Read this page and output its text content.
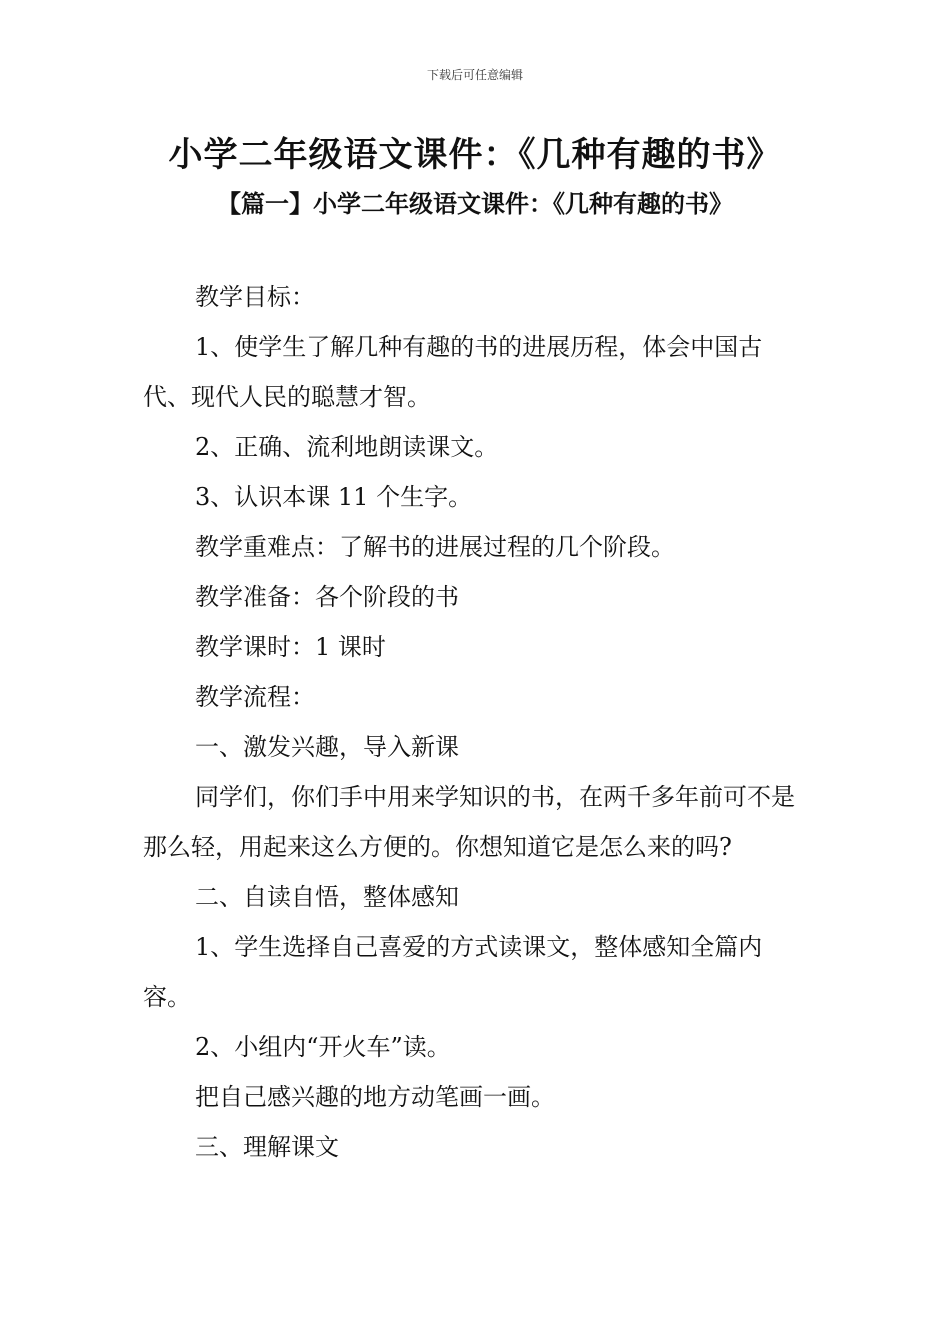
下载后可任意编辑
小学二年级语文课件：《几种有趣的书》
【篇一】小学二年级语文课件：《几种有趣的书》

教学目标：

1、使学生了解几种有趣的书的进展历程，体会中国古代、现代人民的聪慧才智。

2、正确、流利地朗读课文。

3、认识本课 11 个生字。

教学重难点：了解书的进展过程的几个阶段。

教学准备：各个阶段的书

教学课时：1 课时

教学流程：

一、激发兴趣，导入新课

同学们，你们手中用来学知识的书，在两千多年前可不是那么轻，用起来这么方便的。你想知道它是怎么来的吗?

二、自读自悟，整体感知

1、学生选择自己喜爱的方式读课文，整体感知全篇内容。

2、小组内“开火车”读。

把自己感兴趣的地方动笔画一画。

三、理解课文
